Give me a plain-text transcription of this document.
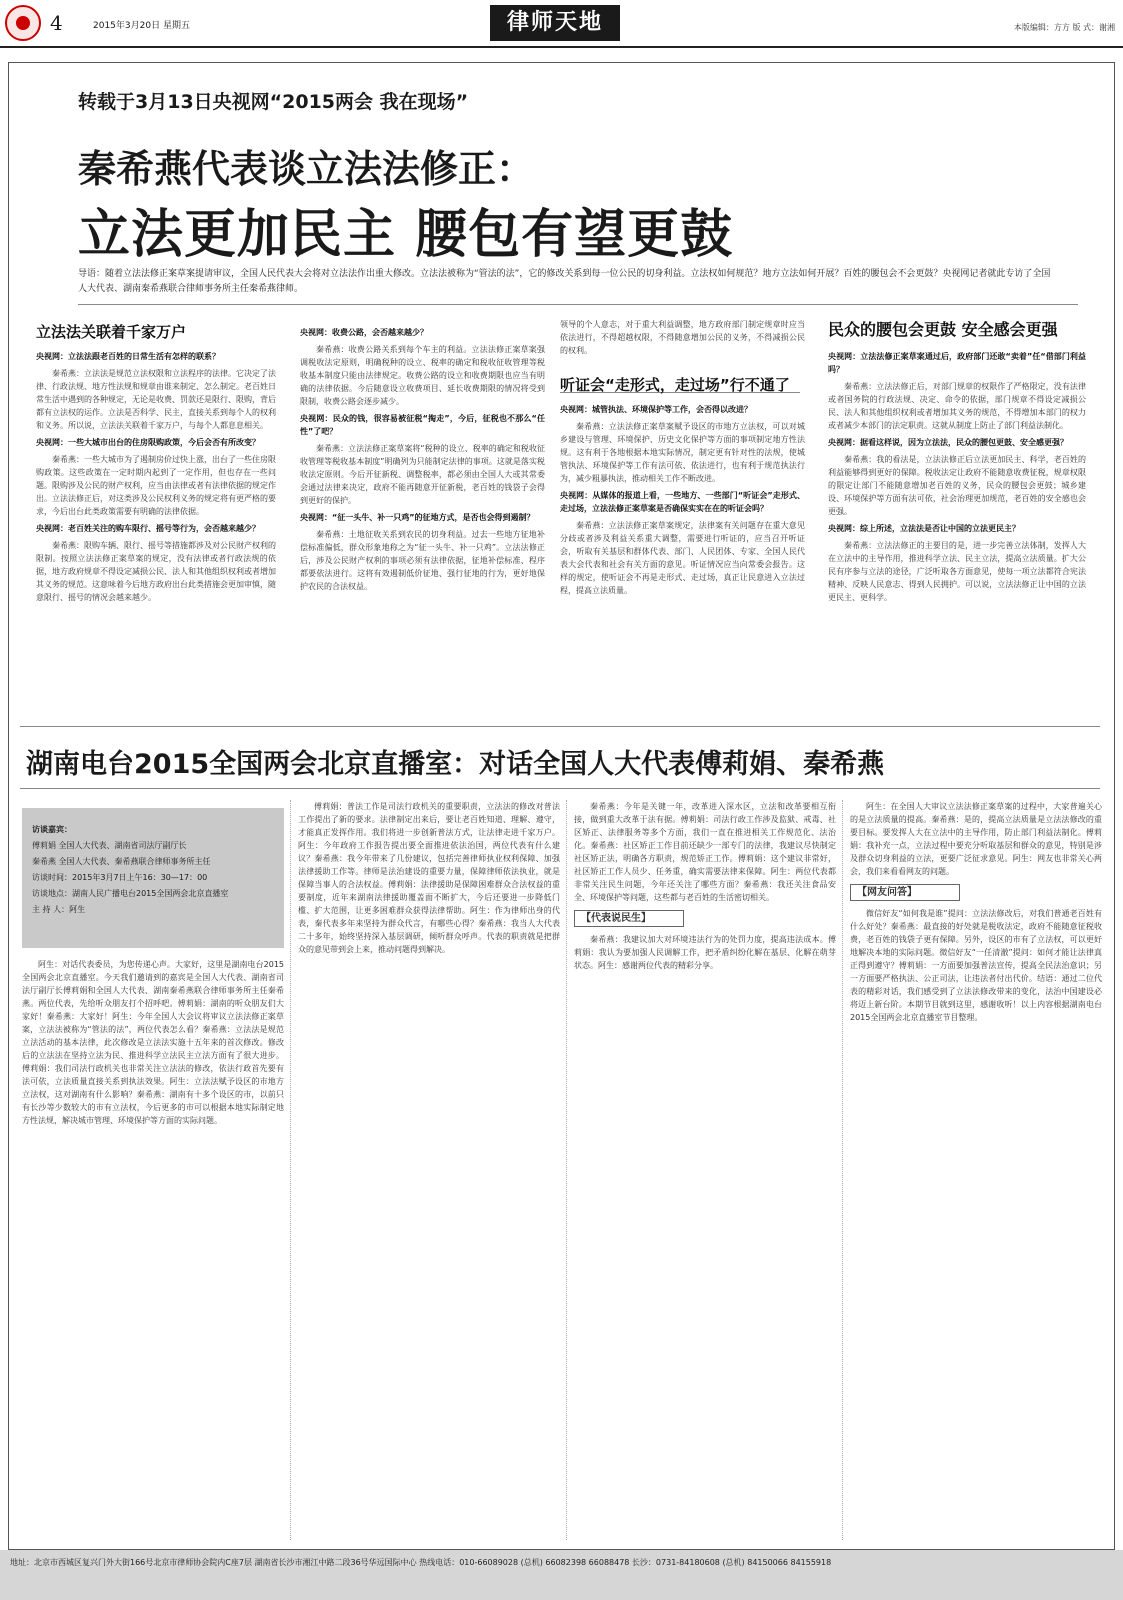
4	2015年3月20日 星期五	律师天地	本版编辑：方方 版 式：谢湘
转载于3月13日央视网“2015两会 我在现场”
秦希燕代表谈立法法修正：
立法更加民主 腰包有望更鼓
导语：随着立法法修正案草案提请审议，全国人民代表大会将对立法法作出重大修改。立法法被称为“管法的法”，它的修改关系到每一位公民的切身利益。立法权如何规范？地方立法如何开展？百姓的腰包会不会更鼓？央视网记者就此专访了全国人大代表、湖南秦希燕联合律师事务所主任秦希燕律师。
立法法关联着千家万户

央视网：立法法跟老百姓的日常生活有怎样的联系？

秦希燕：立法法是规范立法权限和立法程序的法律。它决定了法律、行政法规、地方性法规和规章由谁来制定、怎么制定。老百姓日常生活中遇到的各种规定，无论是收费、罚款还是限行、限购，背后都有立法权的运作。立法是否科学、民主，直接关系到每个人的权利和义务。所以说，立法法关联着千家万户，与每个人都息息相关。

央视网：一些大城市出台的住房限购政策，今后会否有所改变？

秦希燕：一些大城市为了遏制房价过快上涨，出台了一些住房限购政策。这些政策在一定时期内起到了一定作用，但也存在一些问题。限购涉及公民的财产权利，应当由法律或者有法律依据的规定作出。立法法修正后，对这类涉及公民权利义务的规定将有更严格的要求，今后出台此类政策需要有明确的法律依据。

央视网：老百姓关注的购车限行、摇号等行为，会否越来越少？

秦希燕：限购车辆、限行、摇号等措施都涉及对公民财产权利的限制。按照立法法修正案草案的规定，没有法律或者行政法规的依据，地方政府规章不得设定减损公民、法人和其他组织权利或者增加其义务的规范。这意味着今后地方政府出台此类措施会更加审慎，随意限行、摇号的情况会越来越少。

央视网：收费公路，会否越来越少？

秦希燕：收费公路关系到每个车主的利益。立法法修正案草案强调税收法定原则，明确税种的设立、税率的确定和税收征收管理等税收基本制度只能由法律规定。收费公路的设立和收费期限也应当有明确的法律依据。今后随意设立收费项目、延长收费期限的情况将受到限制，收费公路会逐步减少。

央视网：民众的钱，很容易被征税“掏走”，今后，征税也不那么“任性”了吧？

秦希燕：立法法修正案草案将“税种的设立、税率的确定和税收征收管理等税收基本制度”明确列为只能制定法律的事项。这就是落实税收法定原则。今后开征新税、调整税率，都必须由全国人大或其常委会通过法律来决定，政府不能再随意开征新税，老百姓的钱袋子会得到更好的保护。

央视网：“征一头牛、补一只鸡”的征地方式，是否也会得到遏制？

秦希燕：土地征收关系到农民的切身利益。过去一些地方征地补偿标准偏低，群众形象地称之为“征一头牛、补一只鸡”。立法法修正后，涉及公民财产权利的事项必须有法律依据，征地补偿标准、程序都要依法进行。这将有效遏制低价征地、强行征地的行为，更好地保护农民的合法权益。

领导的个人意志，对于重大利益调整，地方政府部门制定规章时应当依法进行，不得超越权限，不得随意增加公民的义务，不得减损公民的权利。

听证会“走形式，走过场”行不通了

央视网：城管执法、环境保护等工作，会否得以改进？

秦希燕：立法法修正案草案赋予设区的市地方立法权，可以对城乡建设与管理、环境保护、历史文化保护等方面的事项制定地方性法规。这有利于各地根据本地实际情况，制定更有针对性的法规，使城管执法、环境保护等工作有法可依、依法进行，也有利于规范执法行为，减少粗暴执法，推动相关工作不断改进。

央视网：从媒体的报道上看，一些地方、一些部门“听证会”走形式、走过场，立法法修正案草案是否确保实实在在的听证会吗？

秦希燕：立法法修正案草案规定，法律案有关问题存在重大意见分歧或者涉及利益关系重大调整，需要进行听证的，应当召开听证会，听取有关基层和群体代表、部门、人民团体、专家、全国人民代表大会代表和社会有关方面的意见。听证情况应当向常委会报告。这样的规定，使听证会不再是走形式、走过场，真正让民意进入立法过程，提高立法质量。

民众的腰包会更鼓 安全感会更强

央视网：立法法修正案草案通过后，政府部门还敢“卖着”任“借部门利益吗？

秦希燕：立法法修正后，对部门规章的权限作了严格限定，没有法律或者国务院的行政法规、决定、命令的依据，部门规章不得设定减损公民、法人和其他组织权利或者增加其义务的规范，不得增加本部门的权力或者减少本部门的法定职责。这就从制度上防止了部门利益法制化。

央视网：据看这样说，因为立法法，民众的腰包更鼓、安全感更强？

秦希燕：我的看法是，立法法修正后立法更加民主、科学，老百姓的利益能够得到更好的保障。税收法定让政府不能随意收费征税，规章权限的限定让部门不能随意增加老百姓的义务，民众的腰包会更鼓；城乡建设、环境保护等方面有法可依，社会治理更加规范，老百姓的安全感也会更强。

央视网：综上所述，立法法是否让中国的立法更民主？

秦希燕：立法法修正的主要目的是，进一步完善立法体制，发挥人大在立法中的主导作用，推进科学立法、民主立法，提高立法质量。扩大公民有序参与立法的途径，广泛听取各方面意见，使每一项立法都符合宪法精神、反映人民意志、得到人民拥护。可以说，立法法修正让中国的立法更民主、更科学。

湖南电台2015全国两会北京直播室：对话全国人大代表傅莉娟、秦希燕
访谈嘉宾：
傅莉娟 全国人大代表、湖南省司法厅副厅长
秦希燕 全国人大代表、秦希燕联合律师事务所主任
访谈时间：2015年3月7日上午16：30—17：00
访谈地点：湖南人民广播电台2015全国两会北京直播室
主 持 人：阿生

阿生：对话代表委员，为您传递心声。大家好，这里是湖南电台2015全国两会北京直播室。今天我们邀请到的嘉宾是全国人大代表、湖南省司法厅副厅长傅莉娟和全国人大代表、湖南秦希燕联合律师事务所主任秦希燕。两位代表，先给听众朋友打个招呼吧。傅莉娟：湖南的听众朋友们大家好！秦希燕：大家好！阿生：今年全国人大会议将审议立法法修正案草案，立法法被称为“管法的法”，两位代表怎么看？秦希燕：立法法是规范立法活动的基本法律，此次修改是立法法实施十五年来的首次修改。修改后的立法法在坚持立法为民、推进科学立法民主立法方面有了很大进步。傅莉娟：我们司法行政机关也非常关注立法法的修改，依法行政首先要有法可依，立法质量直接关系到执法效果。阿生：立法法赋予设区的市地方立法权，这对湖南有什么影响？秦希燕：湖南有十多个设区的市，以前只有长沙等少数较大的市有立法权，今后更多的市可以根据本地实际制定地方性法规，解决城市管理、环境保护等方面的实际问题。

傅莉娟：普法工作是司法行政机关的重要职责，立法法的修改对普法工作提出了新的要求。法律制定出来后，要让老百姓知道、理解、遵守，才能真正发挥作用。我们将进一步创新普法方式，让法律走进千家万户。阿生：今年政府工作报告提出要全面推进依法治国，两位代表有什么建议？秦希燕：我今年带来了几份建议，包括完善律师执业权利保障、加强法律援助工作等。律师是法治建设的重要力量，保障律师依法执业，就是保障当事人的合法权益。傅莉娟：法律援助是保障困难群众合法权益的重要制度，近年来湖南法律援助覆盖面不断扩大，今后还要进一步降低门槛、扩大范围，让更多困难群众获得法律帮助。阿生：作为律师出身的代表，秦代表多年来坚持为群众代言，有哪些心得？秦希燕：我当人大代表二十多年，始终坚持深入基层调研，倾听群众呼声。代表的职责就是把群众的意见带到会上来，推动问题得到解决。

秦希燕：今年是关键一年，改革进入深水区，立法和改革要相互衔接，做到重大改革于法有据。傅莉娟：司法行政工作涉及监狱、戒毒、社区矫正、法律服务等多个方面，我们一直在推进相关工作规范化、法治化。秦希燕：社区矫正工作目前还缺少一部专门的法律，我建议尽快制定社区矫正法，明确各方职责，规范矫正工作。傅莉娟：这个建议非常好，社区矫正工作人员少、任务重，确实需要法律来保障。阿生：两位代表都非常关注民生问题，今年还关注了哪些方面？秦希燕：我还关注食品安全、环境保护等问题，这些都与老百姓的生活密切相关。

【代表说民生】

秦希燕：我建议加大对环境违法行为的处罚力度，提高违法成本。傅莉娟：我认为要加强人民调解工作，把矛盾纠纷化解在基层、化解在萌芽状态。阿生：感谢两位代表的精彩分享。

阿生：在全国人大审议立法法修正案草案的过程中，大家普遍关心的是立法质量的提高。秦希燕：是的，提高立法质量是立法法修改的重要目标。要发挥人大在立法中的主导作用，防止部门利益法制化。傅莉娟：我补充一点，立法过程中要充分听取基层和群众的意见，特别是涉及群众切身利益的立法，更要广泛征求意见。阿生：网友也非常关心两会，我们来看看网友的问题。

【网友问答】

微信好友“如何我是谁”提问：立法法修改后，对我们普通老百姓有什么好处？秦希燕：最直接的好处就是税收法定，政府不能随意征税收费，老百姓的钱袋子更有保障。另外，设区的市有了立法权，可以更好地解决本地的实际问题。微信好友“一任清澈”提问：如何才能让法律真正得到遵守？傅莉娟：一方面要加强普法宣传，提高全民法治意识；另一方面要严格执法、公正司法，让违法者付出代价。结语：通过二位代表的精彩对话，我们感受到了立法法修改带来的变化，法治中国建设必将迈上新台阶。本期节目就到这里，感谢收听！以上内容根据湖南电台2015全国两会北京直播室节目整理。

地址：北京市西城区复兴门外大街166号北京市律师协会院内C座7层 湖南省长沙市湘江中路二段36号华远国际中心 热线电话：010-66089028 (总机) 66082398 66088478 长沙：0731-84180608 (总机) 84150066 84155918
